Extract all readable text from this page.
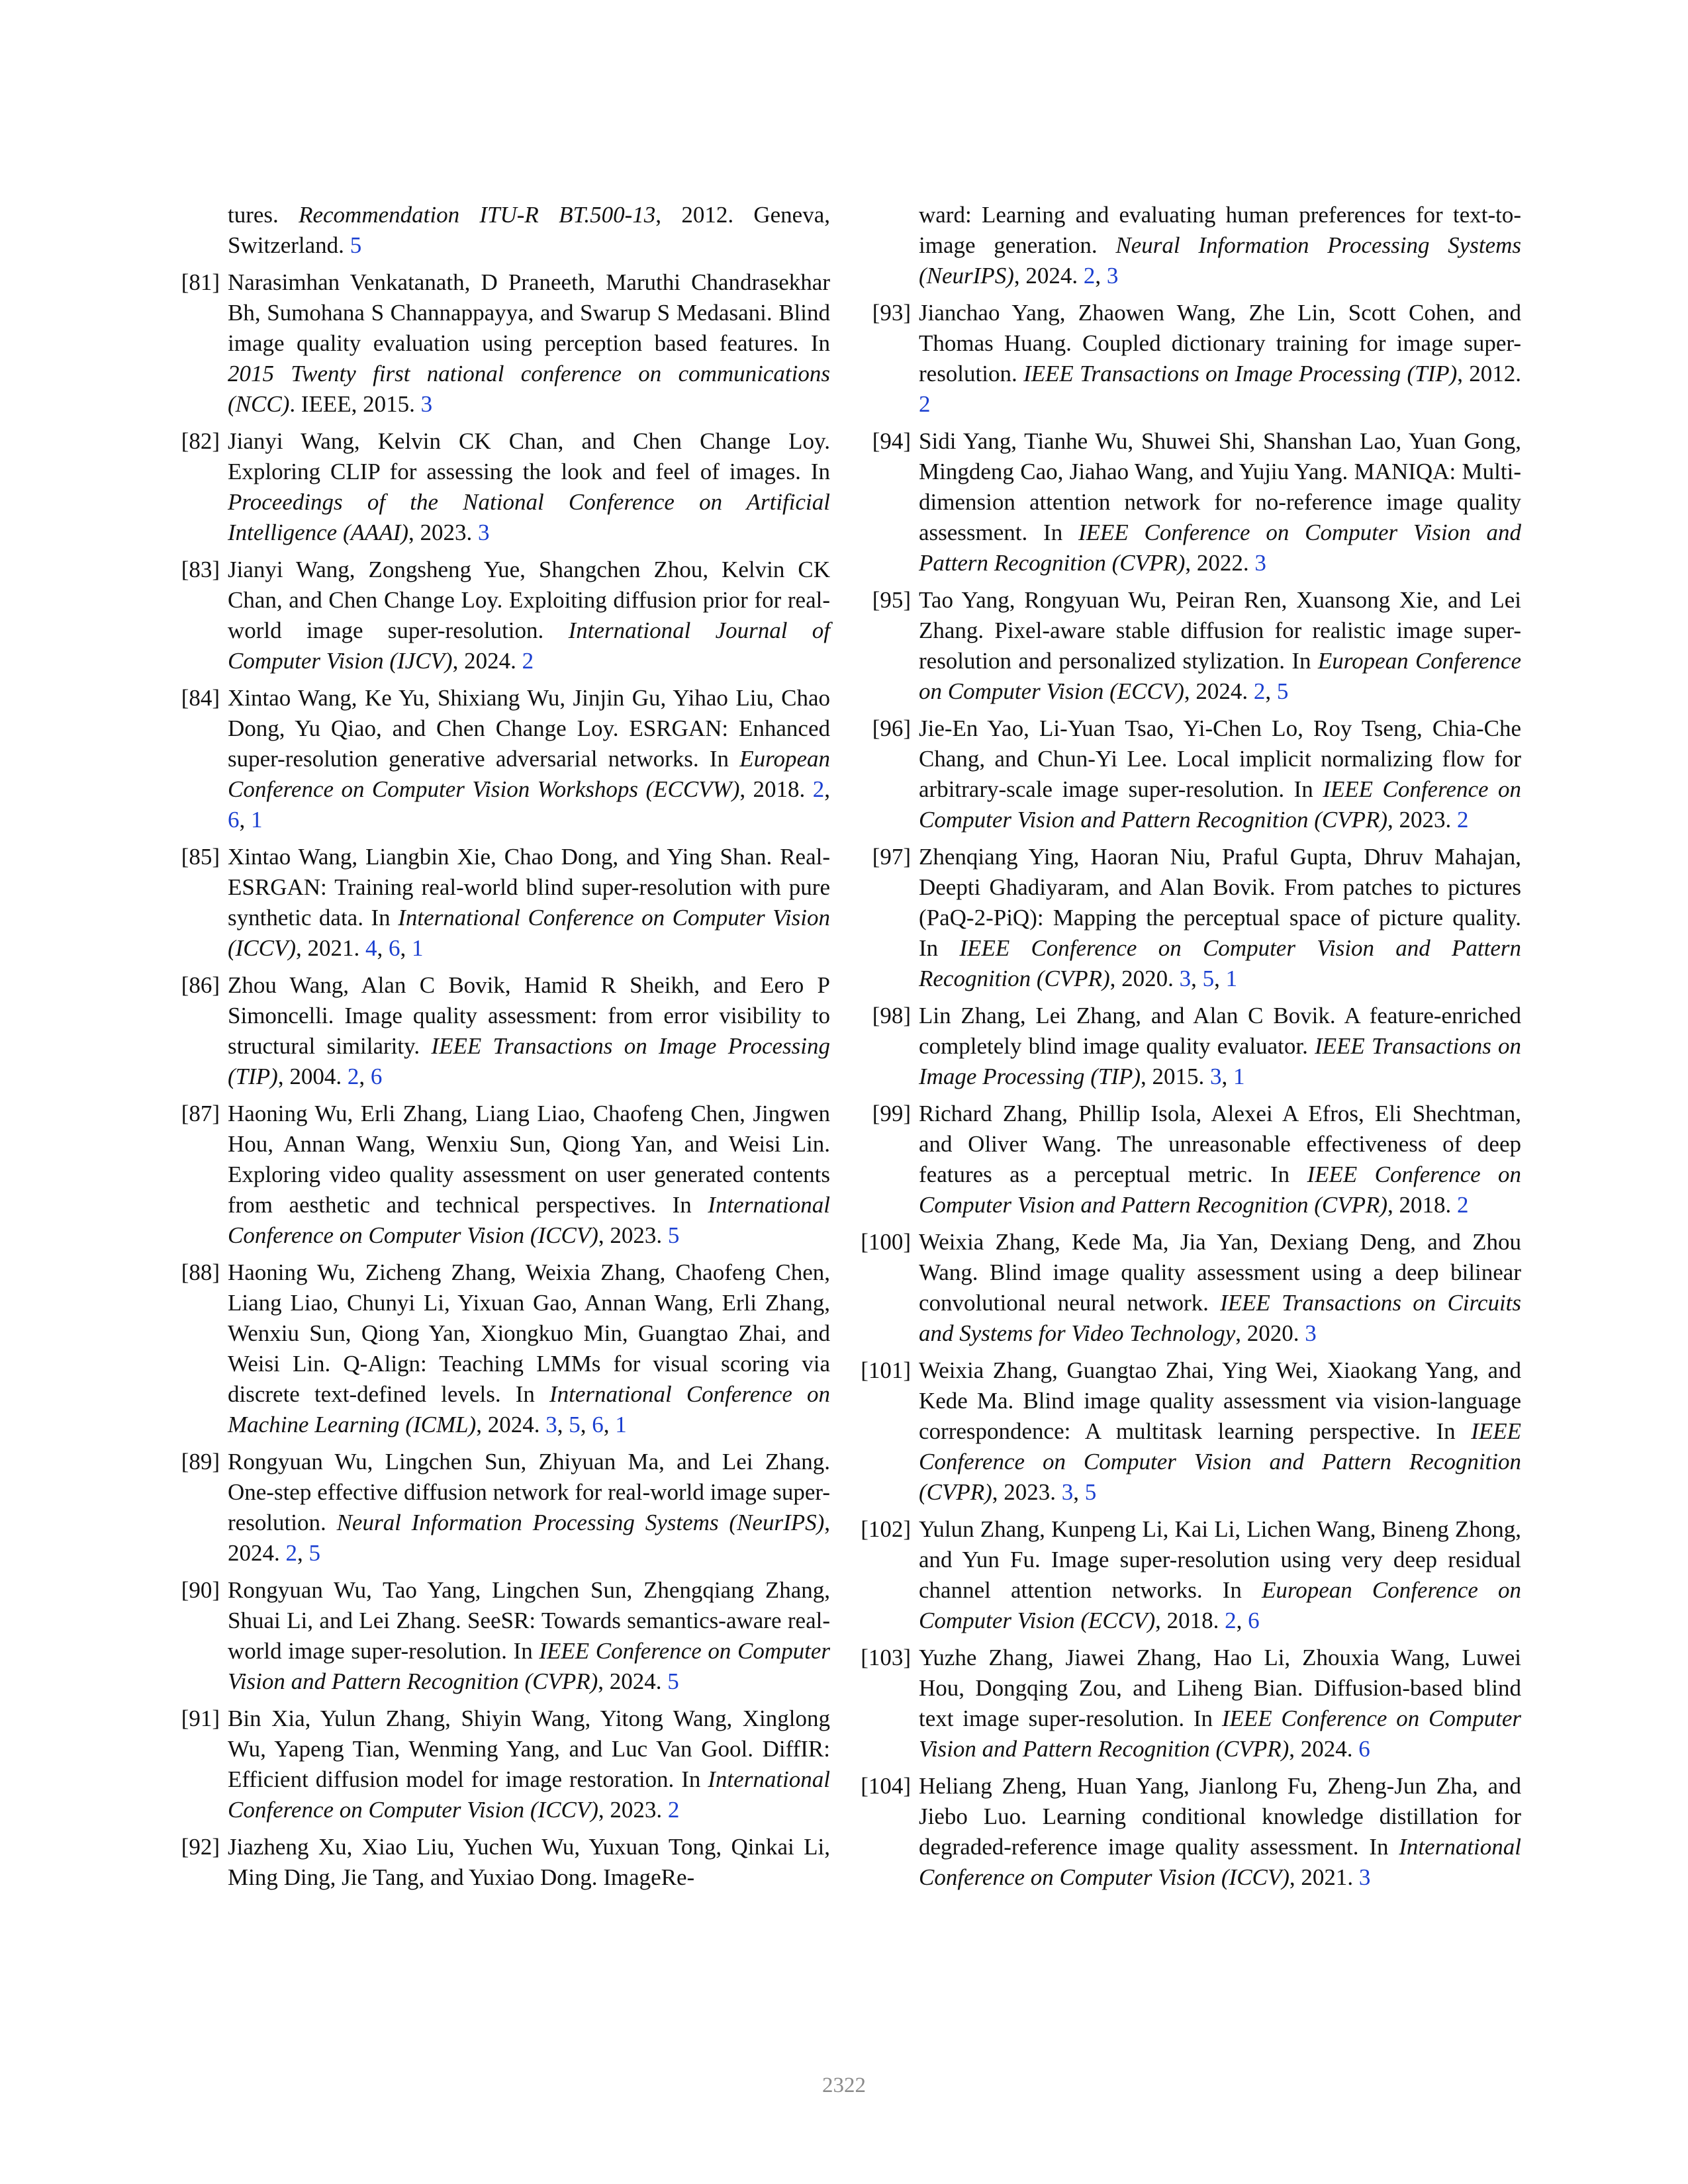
tures. Recommendation ITU-R BT.500-13, 2012. Geneva, Switzerland. 5
[81] Narasimhan Venkatanath, D Praneeth, Maruthi Chandrasekhar Bh, Sumohana S Channappayya, and Swarup S Medasani. Blind image quality evaluation using perception based features. In 2015 Twenty first national conference on communications (NCC). IEEE, 2015. 3
[82] Jianyi Wang, Kelvin CK Chan, and Chen Change Loy. Exploring CLIP for assessing the look and feel of images. In Proceedings of the National Conference on Artificial Intelligence (AAAI), 2023. 3
[83] Jianyi Wang, Zongsheng Yue, Shangchen Zhou, Kelvin CK Chan, and Chen Change Loy. Exploiting diffusion prior for real-world image super-resolution. International Journal of Computer Vision (IJCV), 2024. 2
[84] Xintao Wang, Ke Yu, Shixiang Wu, Jinjin Gu, Yihao Liu, Chao Dong, Yu Qiao, and Chen Change Loy. ESRGAN: Enhanced super-resolution generative adversarial networks. In European Conference on Computer Vision Workshops (ECCVW), 2018. 2, 6, 1
[85] Xintao Wang, Liangbin Xie, Chao Dong, and Ying Shan. Real-ESRGAN: Training real-world blind super-resolution with pure synthetic data. In International Conference on Computer Vision (ICCV), 2021. 4, 6, 1
[86] Zhou Wang, Alan C Bovik, Hamid R Sheikh, and Eero P Simoncelli. Image quality assessment: from error visibility to structural similarity. IEEE Transactions on Image Processing (TIP), 2004. 2, 6
[87] Haoning Wu, Erli Zhang, Liang Liao, Chaofeng Chen, Jingwen Hou, Annan Wang, Wenxiu Sun, Qiong Yan, and Weisi Lin. Exploring video quality assessment on user generated contents from aesthetic and technical perspectives. In International Conference on Computer Vision (ICCV), 2023. 5
[88] Haoning Wu, Zicheng Zhang, Weixia Zhang, Chaofeng Chen, Liang Liao, Chunyi Li, Yixuan Gao, Annan Wang, Erli Zhang, Wenxiu Sun, Qiong Yan, Xiongkuo Min, Guangtao Zhai, and Weisi Lin. Q-Align: Teaching LMMs for visual scoring via discrete text-defined levels. In International Conference on Machine Learning (ICML), 2024. 3, 5, 6, 1
[89] Rongyuan Wu, Lingchen Sun, Zhiyuan Ma, and Lei Zhang. One-step effective diffusion network for real-world image super-resolution. Neural Information Processing Systems (NeurIPS), 2024. 2, 5
[90] Rongyuan Wu, Tao Yang, Lingchen Sun, Zhengqiang Zhang, Shuai Li, and Lei Zhang. SeeSR: Towards semantics-aware real-world image super-resolution. In IEEE Conference on Computer Vision and Pattern Recognition (CVPR), 2024. 5
[91] Bin Xia, Yulun Zhang, Shiyin Wang, Yitong Wang, Xinglong Wu, Yapeng Tian, Wenming Yang, and Luc Van Gool. DiffIR: Efficient diffusion model for image restoration. In International Conference on Computer Vision (ICCV), 2023. 2
[92] Jiazheng Xu, Xiao Liu, Yuchen Wu, Yuxuan Tong, Qinkai Li, Ming Ding, Jie Tang, and Yuxiao Dong. ImageRe-
ward: Learning and evaluating human preferences for text-to-image generation. Neural Information Processing Systems (NeurIPS), 2024. 2, 3
[93] Jianchao Yang, Zhaowen Wang, Zhe Lin, Scott Cohen, and Thomas Huang. Coupled dictionary training for image super-resolution. IEEE Transactions on Image Processing (TIP), 2012. 2
[94] Sidi Yang, Tianhe Wu, Shuwei Shi, Shanshan Lao, Yuan Gong, Mingdeng Cao, Jiahao Wang, and Yujiu Yang. MANIQA: Multi-dimension attention network for no-reference image quality assessment. In IEEE Conference on Computer Vision and Pattern Recognition (CVPR), 2022. 3
[95] Tao Yang, Rongyuan Wu, Peiran Ren, Xuansong Xie, and Lei Zhang. Pixel-aware stable diffusion for realistic image super-resolution and personalized stylization. In European Conference on Computer Vision (ECCV), 2024. 2, 5
[96] Jie-En Yao, Li-Yuan Tsao, Yi-Chen Lo, Roy Tseng, Chia-Che Chang, and Chun-Yi Lee. Local implicit normalizing flow for arbitrary-scale image super-resolution. In IEEE Conference on Computer Vision and Pattern Recognition (CVPR), 2023. 2
[97] Zhenqiang Ying, Haoran Niu, Praful Gupta, Dhruv Mahajan, Deepti Ghadiyaram, and Alan Bovik. From patches to pictures (PaQ-2-PiQ): Mapping the perceptual space of picture quality. In IEEE Conference on Computer Vision and Pattern Recognition (CVPR), 2020. 3, 5, 1
[98] Lin Zhang, Lei Zhang, and Alan C Bovik. A feature-enriched completely blind image quality evaluator. IEEE Transactions on Image Processing (TIP), 2015. 3, 1
[99] Richard Zhang, Phillip Isola, Alexei A Efros, Eli Shechtman, and Oliver Wang. The unreasonable effectiveness of deep features as a perceptual metric. In IEEE Conference on Computer Vision and Pattern Recognition (CVPR), 2018. 2
[100] Weixia Zhang, Kede Ma, Jia Yan, Dexiang Deng, and Zhou Wang. Blind image quality assessment using a deep bilinear convolutional neural network. IEEE Transactions on Circuits and Systems for Video Technology, 2020. 3
[101] Weixia Zhang, Guangtao Zhai, Ying Wei, Xiaokang Yang, and Kede Ma. Blind image quality assessment via vision-language correspondence: A multitask learning perspective. In IEEE Conference on Computer Vision and Pattern Recognition (CVPR), 2023. 3, 5
[102] Yulun Zhang, Kunpeng Li, Kai Li, Lichen Wang, Bineng Zhong, and Yun Fu. Image super-resolution using very deep residual channel attention networks. In European Conference on Computer Vision (ECCV), 2018. 2, 6
[103] Yuzhe Zhang, Jiawei Zhang, Hao Li, Zhouxia Wang, Luwei Hou, Dongqing Zou, and Liheng Bian. Diffusion-based blind text image super-resolution. In IEEE Conference on Computer Vision and Pattern Recognition (CVPR), 2024. 6
[104] Heliang Zheng, Huan Yang, Jianlong Fu, Zheng-Jun Zha, and Jiebo Luo. Learning conditional knowledge distillation for degraded-reference image quality assessment. In International Conference on Computer Vision (ICCV), 2021. 3
2322
